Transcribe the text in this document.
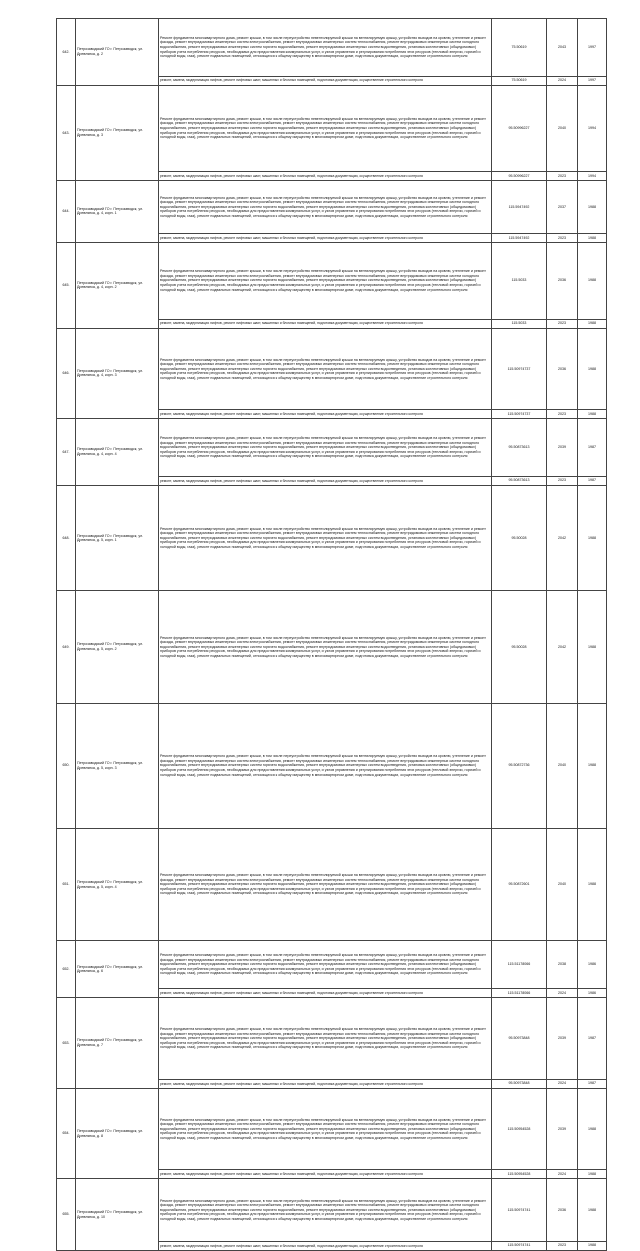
642.	Петрозаводский ГО г. Петрозаводск, ул. Древлянка, д. 2	Ремонт фундамента многоквартирного дома, ремонт крыши, в том числе переустройство невентилируемой крыши на вентилируемую крышу, устройство выходов на кровлю, утепление и ремонт фасада, ремонт внутридомовых инженерных систем электроснабжения, ремонт внутридомовых инженерных систем теплоснабжения, ремонт внутридомовых инженерных систем холодного водоснабжения, ремонт внутридомовых инженерных систем горячего водоснабжения, ремонт внутридомовых инженерных систем водоотведения, установка коллективных (общедомовых) приборов учета потребления ресурсов, необходимых для предоставления коммунальных услуг, и узлов управления и регулирования потребления этих ресурсов (тепловой энергии, горячей и холодной воды, газа), ремонт подвальных помещений, относящихся к общему имуществу в многоквартирном доме, подготовка документации, осуществление строительного контроля	75.50619	2043	1997
		ремонт, замена, модернизация лифтов, ремонт лифтовых шахт, машинных и блочных помещений, подготовка документации, осуществление строительного контроля	75.50619	2024	1997
643.	Петрозаводский ГО г. Петрозаводск, ул. Древлянка, д. 3	Ремонт фундамента многоквартирного дома, ремонт крыши, в том числе переустройство невентилируемой крыши на вентилируемую крышу, устройство выходов на кровлю, утепление и ремонт фасада, ремонт внутридомовых инженерных систем электроснабжения, ремонт внутридомовых инженерных систем теплоснабжения, ремонт внутридомовых инженерных систем холодного водоснабжения, ремонт внутридомовых инженерных систем горячего водоснабжения, ремонт внутридомовых инженерных систем водоотведения, установка коллективных (общедомовых) приборов учета потребления ресурсов, необходимых для предоставления коммунальных услуг, и узлов управления и регулирования потребления этих ресурсов (тепловой энергии, горячей и холодной воды, газа), ремонт подвальных помещений, относящихся к общему имуществу в многоквартирном доме, подготовка документации, осуществление строительного контроля	95.50996227	2040	1994
		ремонт, замена, модернизация лифтов, ремонт лифтовых шахт, машинных и блочных помещений, подготовка документации, осуществление строительного контроля	95.50996227	2023	1994
644.	Петрозаводский ГО г. Петрозаводск, ул. Древлянка, д. 4, корп. 1	Ремонт фундамента многоквартирного дома, ремонт крыши, в том числе переустройство невентилируемой крыши на вентилируемую крышу, устройство выходов на кровлю, утепление и ремонт фасада, ремонт внутридомовых инженерных систем электроснабжения, ремонт внутридомовых инженерных систем теплоснабжения, ремонт внутридомовых инженерных систем холодного водоснабжения, ремонт внутридомовых инженерных систем горячего водоснабжения, ремонт внутридомовых инженерных систем водоотведения, установка коллективных (общедомовых) приборов учета потребления ресурсов, необходимых для предоставления коммунальных услуг, и узлов управления и регулирования потребления этих ресурсов (тепловой энергии, горячей и холодной воды, газа), ремонт подвальных помещений, относящихся к общему имуществу в многоквартирном доме, подготовка документации, осуществление строительного контроля	115.5947492	2037	1988
		ремонт, замена, модернизация лифтов, ремонт лифтовых шахт, машинных и блочных помещений, подготовка документации, осуществление строительного контроля	115.5947492	2023	1988
645.	Петрозаводский ГО г. Петрозаводск, ул. Древлянка, д. 4, корп. 2	Ремонт фундамента многоквартирного дома, ремонт крыши, в том числе переустройство невентилируемой крыши на вентилируемую крышу, устройство выходов на кровлю, утепление и ремонт фасада, ремонт внутридомовых инженерных систем электроснабжения, ремонт внутридомовых инженерных систем теплоснабжения, ремонт внутридомовых инженерных систем холодного водоснабжения, ремонт внутридомовых инженерных систем горячего водоснабжения, ремонт внутридомовых инженерных систем водоотведения, установка коллективных (общедомовых) приборов учета потребления ресурсов, необходимых для предоставления коммунальных услуг, и узлов управления и регулирования потребления этих ресурсов (тепловой энергии, горячей и холодной воды, газа), ремонт подвальных помещений, относящихся к общему имуществу в многоквартирном доме, подготовка документации, осуществление строительного контроля	115.5033	2036	1988
		ремонт, замена, модернизация лифтов, ремонт лифтовых шахт, машинных и блочных помещений, подготовка документации, осуществление строительного контроля	115.5033	2023	1988
646.	Петрозаводский ГО г. Петрозаводск, ул. Древлянка, д. 4, корп. 3	Ремонт фундамента многоквартирного дома, ремонт крыши, в том числе переустройство невентилируемой крыши на вентилируемую крышу, устройство выходов на кровлю, утепление и ремонт фасада, ремонт внутридомовых инженерных систем электроснабжения, ремонт внутридомовых инженерных систем теплоснабжения, ремонт внутридомовых инженерных систем холодного водоснабжения, ремонт внутридомовых инженерных систем горячего водоснабжения, ремонт внутридомовых инженерных систем водоотведения, установка коллективных (общедомовых) приборов учета потребления ресурсов, необходимых для предоставления коммунальных услуг, и узлов управления и регулирования потребления этих ресурсов (тепловой энергии, горячей и холодной воды, газа), ремонт подвальных помещений, относящихся к общему имуществу в многоквартирном доме, подготовка документации, осуществление строительного контроля	115.50974737	2036	1988
		ремонт, замена, модернизация лифтов, ремонт лифтовых шахт, машинных и блочных помещений, подготовка документации, осуществление строительного контроля	115.50974737	2023	1988
647.	Петрозаводский ГО г. Петрозаводск, ул. Древлянка, д. 4, корп. 4	Ремонт фундамента многоквартирного дома, ремонт крыши, в том числе переустройство невентилируемой крыши на вентилируемую крышу, устройство выходов на кровлю, утепление и ремонт фасада, ремонт внутридомовых инженерных систем электроснабжения, ремонт внутридомовых инженерных систем теплоснабжения, ремонт внутридомовых инженерных систем холодного водоснабжения, ремонт внутридомовых инженерных систем горячего водоснабжения, ремонт внутридомовых инженерных систем водоотведения, установка коллективных (общедомовых) приборов учета потребления ресурсов, необходимых для предоставления коммунальных услуг, и узлов управления и регулирования потребления этих ресурсов (тепловой энергии, горячей и холодной воды, газа), ремонт подвальных помещений, относящихся к общему имуществу в многоквартирном доме, подготовка документации, осуществление строительного контроля	95.50873613	2039	1987
		ремонт, замена, модернизация лифтов, ремонт лифтовых шахт, машинных и блочных помещений, подготовка документации, осуществление строительного контроля	95.50873613	2023	1987
648.	Петрозаводский ГО г. Петрозаводск, ул. Древлянка, д. 5, корп. 1	Ремонт фундамента многоквартирного дома, ремонт крыши, в том числе переустройство невентилируемой крыши на вентилируемую крышу, устройство выходов на кровлю, утепление и ремонт фасада, ремонт внутридомовых инженерных систем электроснабжения, ремонт внутридомовых инженерных систем теплоснабжения, ремонт внутридомовых инженерных систем холодного водоснабжения, ремонт внутридомовых инженерных систем горячего водоснабжения, ремонт внутридомовых инженерных систем водоотведения, установка коллективных (общедомовых) приборов учета потребления ресурсов, необходимых для предоставления коммунальных услуг, и узлов управления и регулирования потребления этих ресурсов (тепловой энергии, горячей и холодной воды, газа), ремонт подвальных помещений, относящихся к общему имуществу в многоквартирном доме, подготовка документации, осуществление строительного контроля	95.50028	2042	1988
649.	Петрозаводский ГО г. Петрозаводск, ул. Древлянка, д. 5, корп. 2	Ремонт фундамента многоквартирного дома, ремонт крыши, в том числе переустройство невентилируемой крыши на вентилируемую крышу, устройство выходов на кровлю, утепление и ремонт фасада, ремонт внутридомовых инженерных систем электроснабжения, ремонт внутридомовых инженерных систем теплоснабжения, ремонт внутридомовых инженерных систем холодного водоснабжения, ремонт внутридомовых инженерных систем горячего водоснабжения, ремонт внутридомовых инженерных систем водоотведения, установка коллективных (общедомовых) приборов учета потребления ресурсов, необходимых для предоставления коммунальных услуг, и узлов управления и регулирования потребления этих ресурсов (тепловой энергии, горячей и холодной воды, газа), ремонт подвальных помещений, относящихся к общему имуществу в многоквартирном доме, подготовка документации, осуществление строительного контроля	95.50028	2042	1988
650.	Петрозаводский ГО г. Петрозаводск, ул. Древлянка, д. 5, корп. 3	Ремонт фундамента многоквартирного дома, ремонт крыши, в том числе переустройство невентилируемой крыши на вентилируемую крышу, устройство выходов на кровлю, утепление и ремонт фасада, ремонт внутридомовых инженерных систем электроснабжения, ремонт внутридомовых инженерных систем теплоснабжения, ремонт внутридомовых инженерных систем холодного водоснабжения, ремонт внутридомовых инженерных систем горячего водоснабжения, ремонт внутридомовых инженерных систем водоотведения, установка коллективных (общедомовых) приборов учета потребления ресурсов, необходимых для предоставления коммунальных услуг, и узлов управления и регулирования потребления этих ресурсов (тепловой энергии, горячей и холодной воды, газа), ремонт подвальных помещений, относящихся к общему имуществу в многоквартирном доме, подготовка документации, осуществление строительного контроля	95.50872736	2040	1988
651.	Петрозаводский ГО г. Петрозаводск, ул. Древлянка, д. 5, корп. 4	Ремонт фундамента многоквартирного дома, ремонт крыши, в том числе переустройство невентилируемой крыши на вентилируемую крышу, устройство выходов на кровлю, утепление и ремонт фасада, ремонт внутридомовых инженерных систем электроснабжения, ремонт внутридомовых инженерных систем теплоснабжения, ремонт внутридомовых инженерных систем холодного водоснабжения, ремонт внутридомовых инженерных систем горячего водоснабжения, ремонт внутридомовых инженерных систем водоотведения, установка коллективных (общедомовых) приборов учета потребления ресурсов, необходимых для предоставления коммунальных услуг, и узлов управления и регулирования потребления этих ресурсов (тепловой энергии, горячей и холодной воды, газа), ремонт подвальных помещений, относящихся к общему имуществу в многоквартирном доме, подготовка документации, осуществление строительного контроля	95.50872601	2040	1988
652.	Петрозаводский ГО г. Петрозаводск, ул. Древлянка, д. 6	Ремонт фундамента многоквартирного дома, ремонт крыши, в том числе переустройство невентилируемой крыши на вентилируемую крышу, устройство выходов на кровлю, утепление и ремонт фасада, ремонт внутридомовых инженерных систем электроснабжения, ремонт внутридомовых инженерных систем теплоснабжения, ремонт внутридомовых инженерных систем холодного водоснабжения, ремонт внутридомовых инженерных систем горячего водоснабжения, ремонт внутридомовых инженерных систем водоотведения, установка коллективных (общедомовых) приборов учета потребления ресурсов, необходимых для предоставления коммунальных услуг, и узлов управления и регулирования потребления этих ресурсов (тепловой энергии, горячей и холодной воды, газа), ремонт подвальных помещений, относящихся к общему имуществу в многоквартирном доме, подготовка документации, осуществление строительного контроля	115.51178066	2038	1986
		ремонт, замена, модернизация лифтов, ремонт лифтовых шахт, машинных и блочных помещений, подготовка документации, осуществление строительного контроля	115.51178066	2024	1986
653.	Петрозаводский ГО г. Петрозаводск, ул. Древлянка, д. 7	Ремонт фундамента многоквартирного дома, ремонт крыши, в том числе переустройство невентилируемой крыши на вентилируемую крышу, устройство выходов на кровлю, утепление и ремонт фасада, ремонт внутридомовых инженерных систем электроснабжения, ремонт внутридомовых инженерных систем теплоснабжения, ремонт внутридомовых инженерных систем холодного водоснабжения, ремонт внутридомовых инженерных систем горячего водоснабжения, ремонт внутридомовых инженерных систем водоотведения, установка коллективных (общедомовых) приборов учета потребления ресурсов, необходимых для предоставления коммунальных услуг, и узлов управления и регулирования потребления этих ресурсов (тепловой энергии, горячей и холодной воды, газа), ремонт подвальных помещений, относящихся к общему имуществу в многоквартирном доме, подготовка документации, осуществление строительного контроля	95.50973848	2039	1987
		ремонт, замена, модернизация лифтов, ремонт лифтовых шахт, машинных и блочных помещений, подготовка документации, осуществление строительного контроля	95.50973848	2024	1987
654.	Петрозаводский ГО г. Петрозаводск, ул. Древлянка, д. 8	Ремонт фундамента многоквартирного дома, ремонт крыши, в том числе переустройство невентилируемой крыши на вентилируемую крышу, устройство выходов на кровлю, утепление и ремонт фасада, ремонт внутридомовых инженерных систем электроснабжения, ремонт внутридомовых инженерных систем теплоснабжения, ремонт внутридомовых инженерных систем холодного водоснабжения, ремонт внутридомовых инженерных систем горячего водоснабжения, ремонт внутридомовых инженерных систем водоотведения, установка коллективных (общедомовых) приборов учета потребления ресурсов, необходимых для предоставления коммунальных услуг, и узлов управления и регулирования потребления этих ресурсов (тепловой энергии, горячей и холодной воды, газа), ремонт подвальных помещений, относящихся к общему имуществу в многоквартирном доме, подготовка документации, осуществление строительного контроля	115.50954528	2039	1988
		ремонт, замена, модернизация лифтов, ремонт лифтовых шахт, машинных и блочных помещений, подготовка документации, осуществление строительного контроля	115.50954528	2024	1988
655.	Петрозаводский ГО г. Петрозаводск, ул. Древлянка, д. 10	Ремонт фундамента многоквартирного дома, ремонт крыши, в том числе переустройство невентилируемой крыши на вентилируемую крышу, устройство выходов на кровлю, утепление и ремонт фасада, ремонт внутридомовых инженерных систем электроснабжения, ремонт внутридомовых инженерных систем теплоснабжения, ремонт внутридомовых инженерных систем холодного водоснабжения, ремонт внутридомовых инженерных систем горячего водоснабжения, ремонт внутридомовых инженерных систем водоотведения, установка коллективных (общедомовых) приборов учета потребления ресурсов, необходимых для предоставления коммунальных услуг, и узлов управления и регулирования потребления этих ресурсов (тепловой энергии, горячей и холодной воды, газа), ремонт подвальных помещений, относящихся к общему имуществу в многоквартирном доме, подготовка документации, осуществление строительного контроля	115.50974741	2036	1988
		ремонт, замена, модернизация лифтов, ремонт лифтовых шахт, машинных и блочных помещений, подготовка документации, осуществление строительного контроля	115.50974741	2023	1988
